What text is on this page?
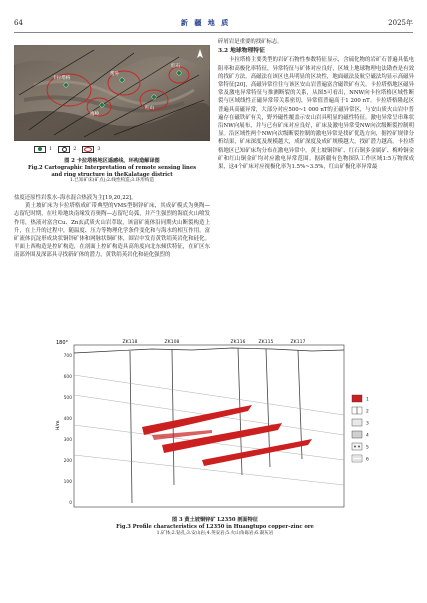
64	新 疆 地 质	2025年
卡拉塔格
帮外
梅岭
红山
红石
1	2	3
图 2 卡拉塔格地区遥感线、环构造解译图
Fig.2 Cartographic Interpretation of remote sensing lines
and ring structure in theKalatage district
1.已知矿床(矿点);2.线性构造;3.环形构造

盐度还原性岩浆水–海水混合热液为主[19,20,22]。

黄土坡矿床为卡拉塔格成矿带典型的VMS型铜锌矿床，其成矿模式为奥陶—志留纪时期，在吐哈地块南缘发育奥陶—志留纪岛弧，并产生强烈的海底火山喷发作用，热液对富含Cu、Zn玄武质火山岩萃取，该富矿流体沿同期火山断裂构造上升，在上升的过程中，随温度、压力等物理化学条件变化和与海水的相互作用，富矿流体沉淀形成块状铜锌矿体和网脉状铜矿体，围岩中发育黄铁绢英岩化和硅化。平面上西构造是控矿构造，在剖面上控矿构造具高角度向北东倾伏特征，在矿区东南部外围及深部具寻找新矿体的潜力，黄铁绢英岩化和硅化强烈的

碎屑岩是重要的找矿标志。

3.2 地球物理特征

卡拉塔格主要类型的岩矿石物性参数特征显示，含硫化物的岩矿石普遍具低电阻率和高极化率特征，异常特征与矿体对应良好，区域上地球物理电法勘查是有效的找矿方法。高磁法在该区也具明显的区块性，地面磁法及航空磁法均显示高磁异常特征[20]，高磁异常往往与该区安山岩普遍富含磁铁矿有关。卡拉塔格地区磁异常及激电异常特征与推测断裂的关系，从图5可看出，NNW向卡拉塔格区域性断裂与区域线性正磁异常带关系密切，异常值普遍高于1 200 nT。卡拉塔格隆起区普遍具高磁异常，大部分对应500~1 000 nT的正磁异常区，与安山质火山岩中普遍存在磁铁矿有关，野外磁性覆盖示安山岩具明显的磁性特征。激电异常呈串珠状沿NW向展布，并与已有矿床对应良好，矿床及激电异常受NW向次级断裂控制明显。沿区域性两个NW向次级断裂控制的激电异常是找矿优选方向，据控矿规律分析结果，矿床深度及规模越大，成矿深度及成矿规模越大，找矿潜力越高。卡拉塔格地区已知矿床均分布在激电异常中，黄土坡铜锌矿、红石铜多金属矿、梅岭铜金矿和红山铜金矿均对应激电异常范围。据新疆有色物探队工作区域1:5万物探成果，这4个矿床对应视极化率为1.5%~3.5%，红山矿极化率异常最

180°
700
600
500
400
300
200
100
0
H/m
ZK118	ZK108	ZK116	ZK115	ZK117
1
2
3
4
5
6
图 3 黄土坡铜锌矿 L2350 剖面特征
Fig.3 Profile characteristics of L2350 in Huangtupo copper–zinc ore
1.矿体;2.钻孔;3.安山岩;4.英安岩;5.火山角砾岩;6.凝灰岩
